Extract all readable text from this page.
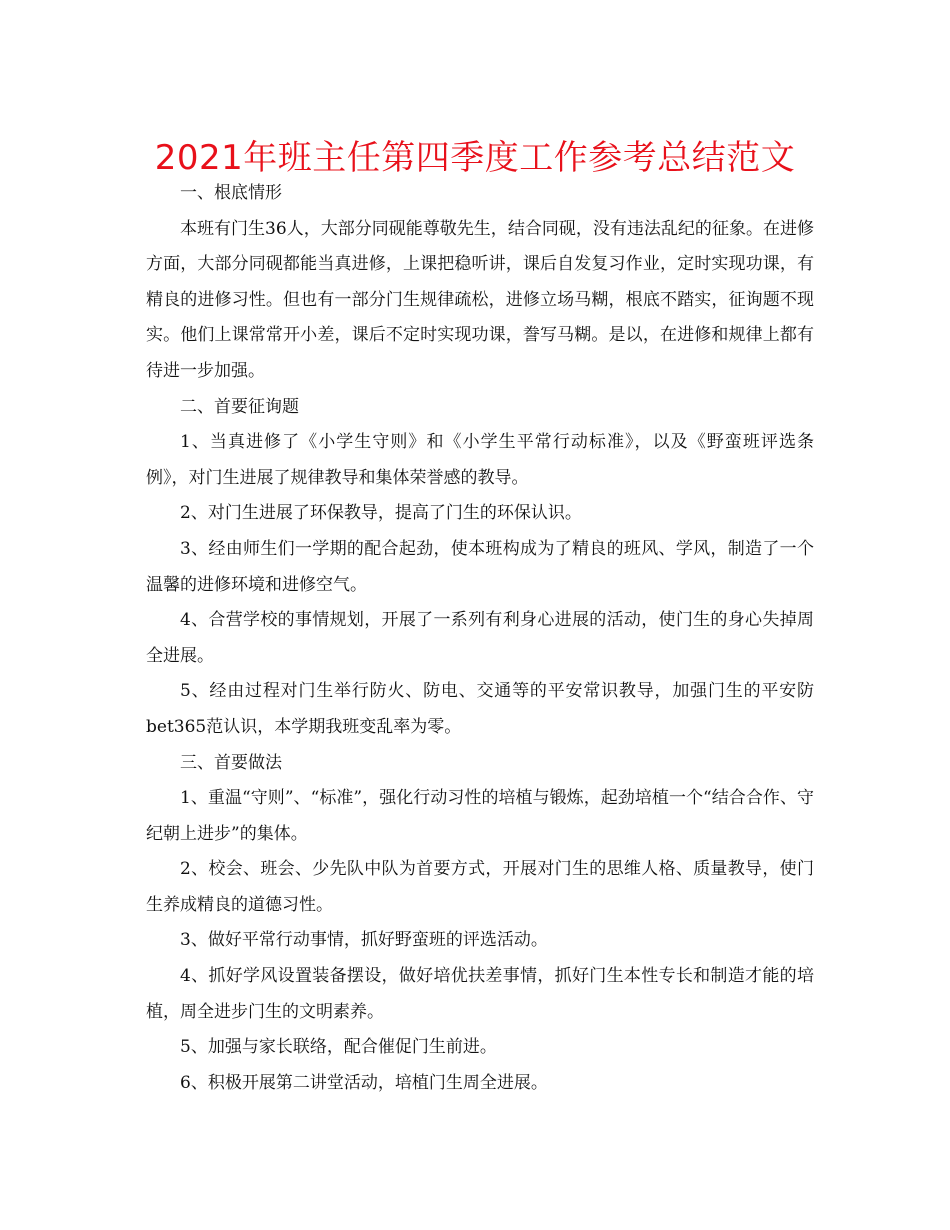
2021年班主任第四季度工作参考总结范文

一、根底情形

本班有门生36人，大部分同砚能尊敬先生，结合同砚，没有违法乱纪的征象。在进修方面，大部分同砚都能当真进修，上课把稳听讲，课后自发复习作业，定时实现功课，有精良的进修习性。但也有一部分门生规律疏松，进修立场马糊，根底不踏实，征询题不现实。他们上课常常开小差，课后不定时实现功课，誊写马糊。是以，在进修和规律上都有待进一步加强。

二、首要征询题

1、当真进修了《小学生守则》和《小学生平常行动标准》，以及《野蛮班评选条例》，对门生进展了规律教导和集体荣誉感的教导。

2、对门生进展了环保教导，提高了门生的环保认识。

3、经由师生们一学期的配合起劲，使本班构成为了精良的班风、学风，制造了一个温馨的进修环境和进修空气。

4、合营学校的事情规划，开展了一系列有利身心进展的活动，使门生的身心失掉周全进展。

5、经由过程对门生举行防火、防电、交通等的平安常识教导，加强门生的平安防bet365范认识，本学期我班变乱率为零。

三、首要做法

1、重温“守则”、“标准”，强化行动习性的培植与锻炼，起劲培植一个“结合合作、守纪朝上进步”的集体。

2、校会、班会、少先队中队为首要方式，开展对门生的思维人格、质量教导，使门生养成精良的道德习性。

3、做好平常行动事情，抓好野蛮班的评选活动。

4、抓好学风设置装备摆设，做好培优扶差事情，抓好门生本性专长和制造才能的培植，周全进步门生的文明素养。

5、加强与家长联络，配合催促门生前进。

6、积极开展第二讲堂活动，培植门生周全进展。
